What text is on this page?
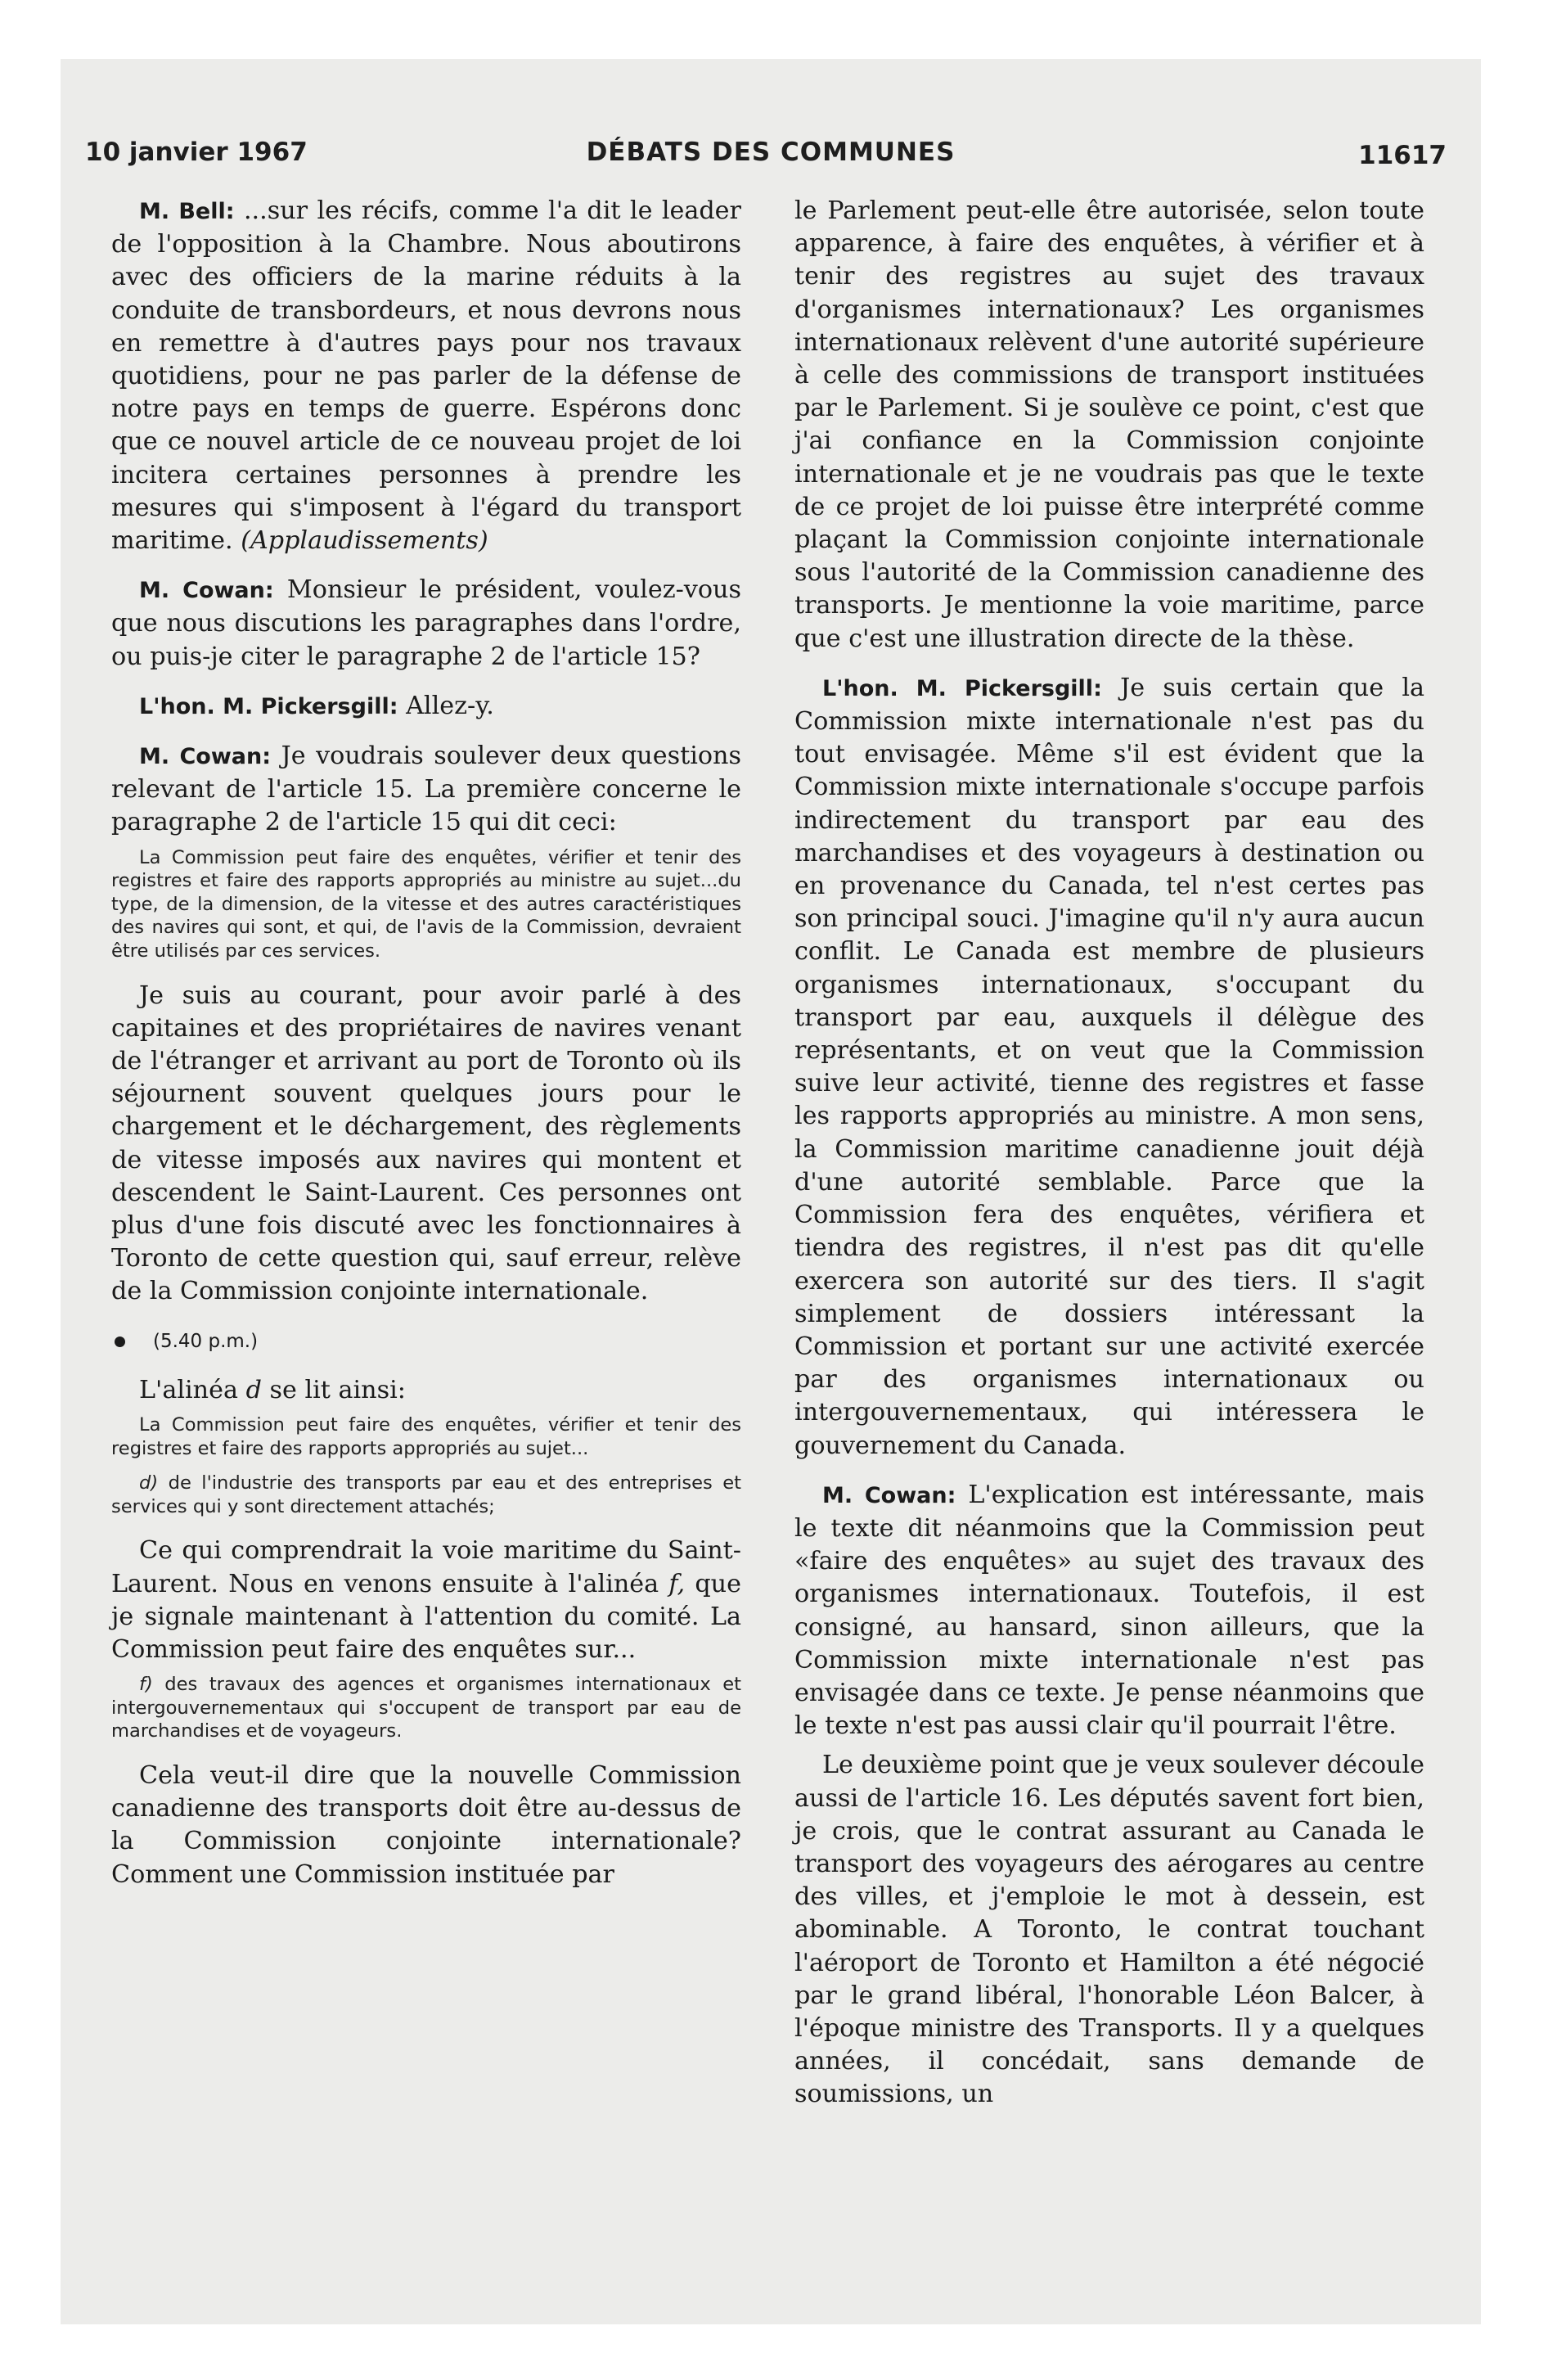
10 janvier 1967	DÉBATS DES COMMUNES	11617

M. Bell: ...sur les récifs, comme l'a dit le leader de l'opposition à la Chambre. Nous aboutirons avec des officiers de la marine réduits à la conduite de transbordeurs, et nous devrons nous en remettre à d'autres pays pour nos travaux quotidiens, pour ne pas parler de la défense de notre pays en temps de guerre. Espérons donc que ce nouvel article de ce nouveau projet de loi incitera certaines personnes à prendre les mesures qui s'imposent à l'égard du transport maritime. (Applaudissements)

M. Cowan: Monsieur le président, voulez-vous que nous discutions les paragraphes dans l'ordre, ou puis-je citer le paragraphe 2 de l'article 15?

L'hon. M. Pickersgill: Allez-y.

M. Cowan: Je voudrais soulever deux questions relevant de l'article 15. La première concerne le paragraphe 2 de l'article 15 qui dit ceci:

La Commission peut faire des enquêtes, vérifier et tenir des registres et faire des rapports appropriés au ministre au sujet...du type, de la dimension, de la vitesse et des autres caractéristiques des navires qui sont, et qui, de l'avis de la Commission, devraient être utilisés par ces services.

Je suis au courant, pour avoir parlé à des capitaines et des propriétaires de navires venant de l'étranger et arrivant au port de Toronto où ils séjournent souvent quelques jours pour le chargement et le déchargement, des règlements de vitesse imposés aux navires qui montent et descendent le Saint-Laurent. Ces personnes ont plus d'une fois discuté avec les fonctionnaires à Toronto de cette question qui, sauf erreur, relève de la Commission conjointe internationale.

(5.40 p.m.)

L'alinéa d se lit ainsi:

La Commission peut faire des enquêtes, vérifier et tenir des registres et faire des rapports appropriés au sujet...

d) de l'industrie des transports par eau et des entreprises et services qui y sont directement attachés;

Ce qui comprendrait la voie maritime du Saint-Laurent. Nous en venons ensuite à l'alinéa f, que je signale maintenant à l'attention du comité. La Commission peut faire des enquêtes sur...

f) des travaux des agences et organismes internationaux et intergouvernementaux qui s'occupent de transport par eau de marchandises et de voyageurs.

Cela veut-il dire que la nouvelle Commission canadienne des transports doit être au-dessus de la Commission conjointe internationale? Comment une Commission instituée par

le Parlement peut-elle être autorisée, selon toute apparence, à faire des enquêtes, à vérifier et à tenir des registres au sujet des travaux d'organismes internationaux? Les organismes internationaux relèvent d'une autorité supérieure à celle des commissions de transport instituées par le Parlement. Si je soulève ce point, c'est que j'ai confiance en la Commission conjointe internationale et je ne voudrais pas que le texte de ce projet de loi puisse être interprété comme plaçant la Commission conjointe internationale sous l'autorité de la Commission canadienne des transports. Je mentionne la voie maritime, parce que c'est une illustration directe de la thèse.

L'hon. M. Pickersgill: Je suis certain que la Commission mixte internationale n'est pas du tout envisagée. Même s'il est évident que la Commission mixte internationale s'occupe parfois indirectement du transport par eau des marchandises et des voyageurs à destination ou en provenance du Canada, tel n'est certes pas son principal souci. J'imagine qu'il n'y aura aucun conflit. Le Canada est membre de plusieurs organismes internationaux, s'occupant du transport par eau, auxquels il délègue des représentants, et on veut que la Commission suive leur activité, tienne des registres et fasse les rapports appropriés au ministre. A mon sens, la Commission maritime canadienne jouit déjà d'une autorité semblable. Parce que la Commission fera des enquêtes, vérifiera et tiendra des registres, il n'est pas dit qu'elle exercera son autorité sur des tiers. Il s'agit simplement de dossiers intéressant la Commission et portant sur une activité exercée par des organismes internationaux ou intergouvernementaux, qui intéressera le gouvernement du Canada.

M. Cowan: L'explication est intéressante, mais le texte dit néanmoins que la Commission peut «faire des enquêtes» au sujet des travaux des organismes internationaux. Toutefois, il est consigné, au hansard, sinon ailleurs, que la Commission mixte internationale n'est pas envisagée dans ce texte. Je pense néanmoins que le texte n'est pas aussi clair qu'il pourrait l'être.

Le deuxième point que je veux soulever découle aussi de l'article 16. Les députés savent fort bien, je crois, que le contrat assurant au Canada le transport des voyageurs des aérogares au centre des villes, et j'emploie le mot à dessein, est abominable. A Toronto, le contrat touchant l'aéroport de Toronto et Hamilton a été négocié par le grand libéral, l'honorable Léon Balcer, à l'époque ministre des Transports. Il y a quelques années, il concédait, sans demande de soumissions, un
